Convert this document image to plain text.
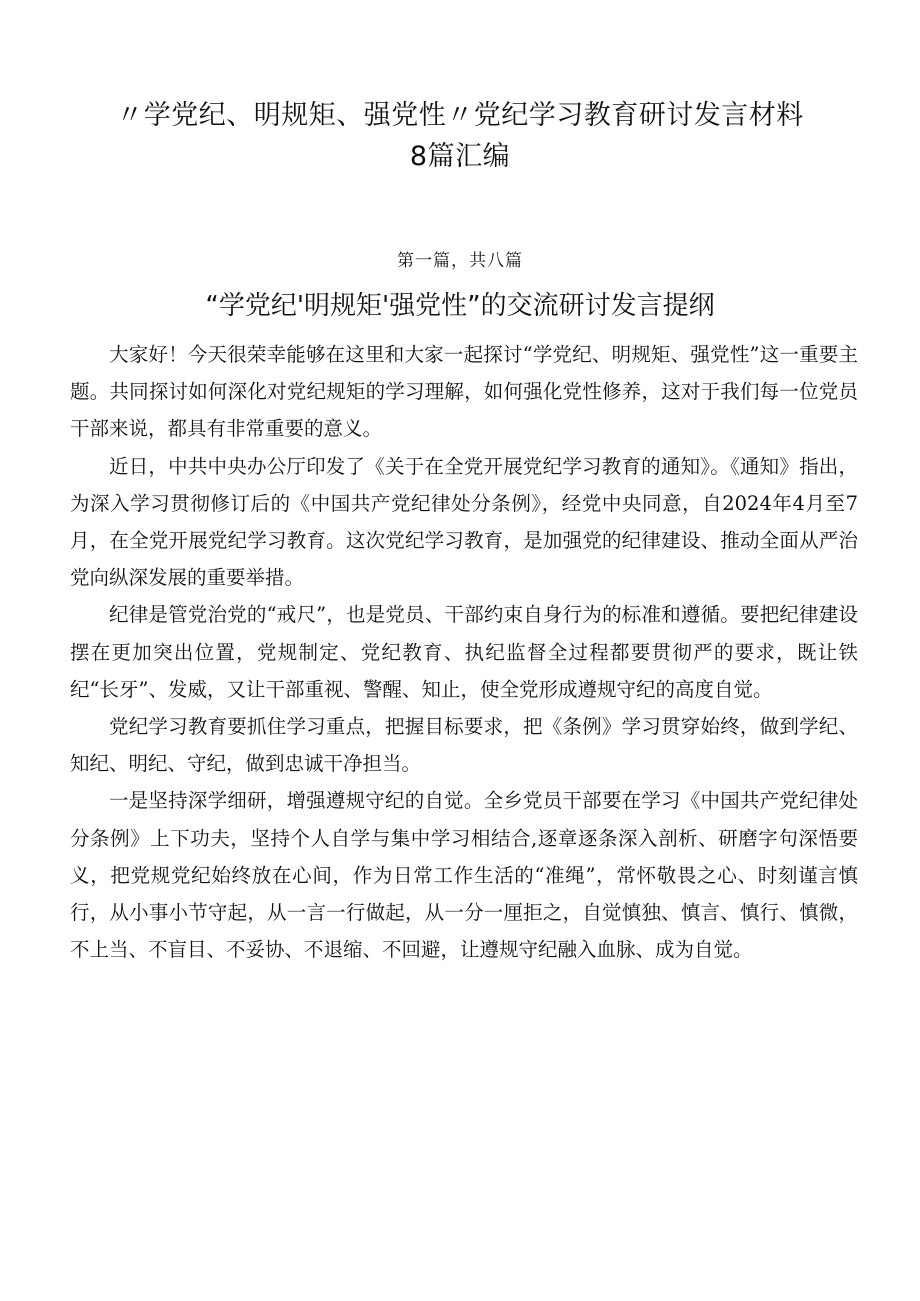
〃学党纪、明规矩、强党性〃党纪学习教育研讨发言材料
8篇汇编
第一篇，共八篇
“学党纪'明规矩'强党性”的交流研讨发言提纲

大家好！今天很荣幸能够在这里和大家一起探讨“学党纪、明规矩、强党性”这一重要主题。共同探讨如何深化对党纪规矩的学习理解，如何强化党性修养，这对于我们每一位党员干部来说，都具有非常重要的意义。

近日，中共中央办公厅印发了《关于在全党开展党纪学习教育的通知》。《通知》指出，为深入学习贯彻修订后的《中国共产党纪律处分条例》，经党中央同意，自2024年4月至7月，在全党开展党纪学习教育。这次党纪学习教育，是加强党的纪律建设、推动全面从严治党向纵深发展的重要举措。

纪律是管党治党的“戒尺”，也是党员、干部约束自身行为的标准和遵循。要把纪律建设摆在更加突出位置，党规制定、党纪教育、执纪监督全过程都要贯彻严的要求，既让铁纪“长牙”、发威，又让干部重视、警醒、知止，使全党形成遵规守纪的高度自觉。

党纪学习教育要抓住学习重点，把握目标要求，把《条例》学习贯穿始终，做到学纪、知纪、明纪、守纪，做到忠诚干净担当。

一是坚持深学细研，增强遵规守纪的自觉。全乡党员干部要在学习《中国共产党纪律处分条例》上下功夫，坚持个人自学与集中学习相结合,逐章逐条深入剖析、研磨字句深悟要义，把党规党纪始终放在心间，作为日常工作生活的“准绳”，常怀敬畏之心、时刻谨言慎行，从小事小节守起，从一言一行做起，从一分一厘拒之，自觉慎独、慎言、慎行、慎微，不上当、不盲目、不妥协、不退缩、不回避，让遵规守纪融入血脉、成为自觉。
